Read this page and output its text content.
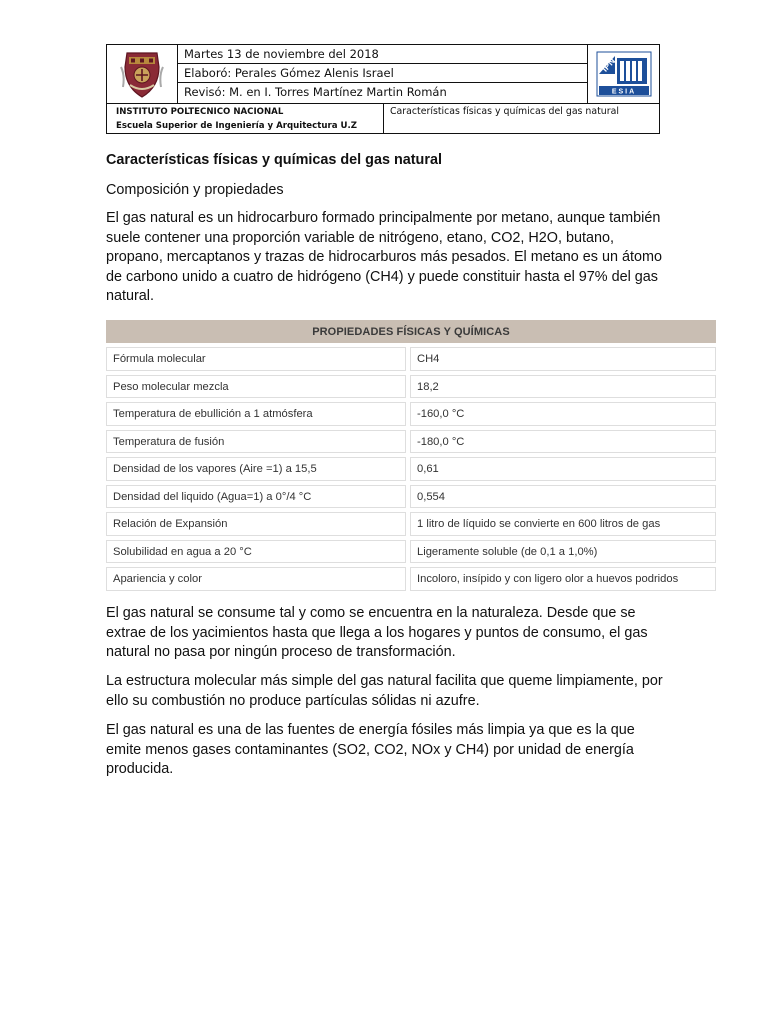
Martes 13 de noviembre del 2018
Elaboró: Perales Gómez Alenis Israel
Revisó: M. en I. Torres Martínez Martin Román
IPN
ESIA
INSTITUTO POLTECNICO NACIONAL
Escuela Superior de Ingeniería y Arquitectura U.Z
Características físicas y químicas del gas natural

Características físicas y químicas del gas natural

Composición y propiedades

El gas natural es un hidrocarburo formado principalmente por metano, aunque también suele contener una proporción variable de nitrógeno, etano, CO2, H2O, butano, propano, mercaptanos y trazas de hidrocarburos más pesados. El metano es un átomo de carbono unido a cuatro de hidrógeno (CH4) y puede constituir hasta el 97% del gas natural.

PROPIEDADES FÍSICAS Y QUÍMICAS
Fórmula molecular	CH4
Peso molecular mezcla	18,2
Temperatura de ebullición a 1 atmósfera	-160,0 °C
Temperatura de fusión	-180,0 °C
Densidad de los vapores (Aire =1) a 15,5	0,61
Densidad del liquido (Agua=1) a 0°/4 °C	0,554
Relación de Expansión	1 litro de líquido se convierte en 600 litros de gas
Solubilidad en agua a 20 °C	Ligeramente soluble (de 0,1 a 1,0%)
Apariencia y color	Incoloro, insípido y con ligero olor a huevos podridos

El gas natural se consume tal y como se encuentra en la naturaleza. Desde que se extrae de los yacimientos hasta que llega a los hogares y puntos de consumo, el gas natural no pasa por ningún proceso de transformación.

La estructura molecular más simple del gas natural facilita que queme limpiamente, por ello su combustión no produce partículas sólidas ni azufre.

El gas natural es una de las fuentes de energía fósiles más limpia ya que es la que emite menos gases contaminantes (SO2, CO2, NOx y CH4) por unidad de energía producida.
